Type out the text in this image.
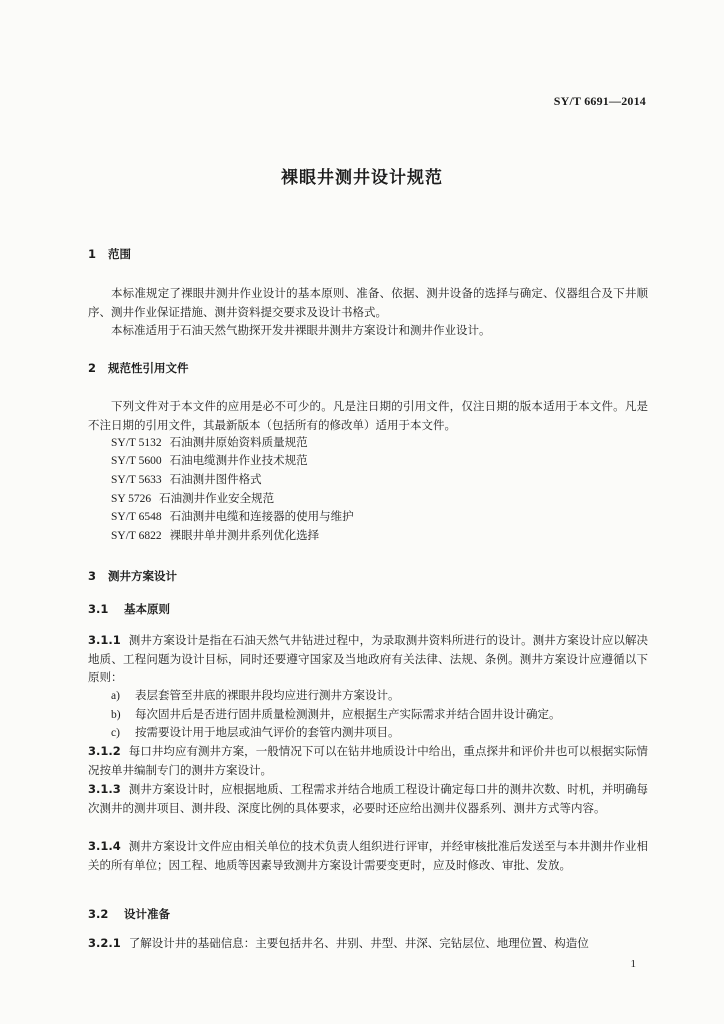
SY/T 6691—2014
裸眼井测井设计规范
1 范围

本标准规定了裸眼井测井作业设计的基本原则、准备、依据、测井设备的选择与确定、仪器组合及下井顺序、测井作业保证措施、测井资料提交要求及设计书格式。

本标准适用于石油天然气勘探开发井裸眼井测井方案设计和测井作业设计。

2 规范性引用文件

下列文件对于本文件的应用是必不可少的。凡是注日期的引用文件，仅注日期的版本适用于本文件。凡是不注日期的引用文件，其最新版本（包括所有的修改单）适用于本文件。

SY/T 5132 石油测井原始资料质量规范
SY/T 5600 石油电缆测井作业技术规范
SY/T 5633 石油测井图件格式
SY 5726 石油测井作业安全规范
SY/T 6548 石油测井电缆和连接器的使用与维护
SY/T 6822 裸眼井单井测井系列优化选择
3 测井方案设计
3.1 基本原则

3.1.1 测井方案设计是指在石油天然气井钻进过程中，为录取测井资料所进行的设计。测井方案设计应以解决地质、工程问题为设计目标，同时还要遵守国家及当地政府有关法律、法规、条例。测井方案设计应遵循以下原则：

a) 表层套管至井底的裸眼井段均应进行测井方案设计。
b) 每次固井后是否进行固井质量检测测井，应根据生产实际需求并结合固井设计确定。
c) 按需要设计用于地层或油气评价的套管内测井项目。

3.1.2 每口井均应有测井方案，一般情况下可以在钻井地质设计中给出，重点探井和评价井也可以根据实际情况按单井编制专门的测井方案设计。

3.1.3 测井方案设计时，应根据地质、工程需求并结合地质工程设计确定每口井的测井次数、时机，并明确每次测井的测井项目、测井段、深度比例的具体要求，必要时还应给出测井仪器系列、测井方式等内容。

3.1.4 测井方案设计文件应由相关单位的技术负责人组织进行评审，并经审核批准后发送至与本井测井作业相关的所有单位；因工程、地质等因素导致测井方案设计需要变更时，应及时修改、审批、发放。

3.2 设计准备

3.2.1 了解设计井的基础信息：主要包括井名、井别、井型、井深、完钻层位、地理位置、构造位

1
